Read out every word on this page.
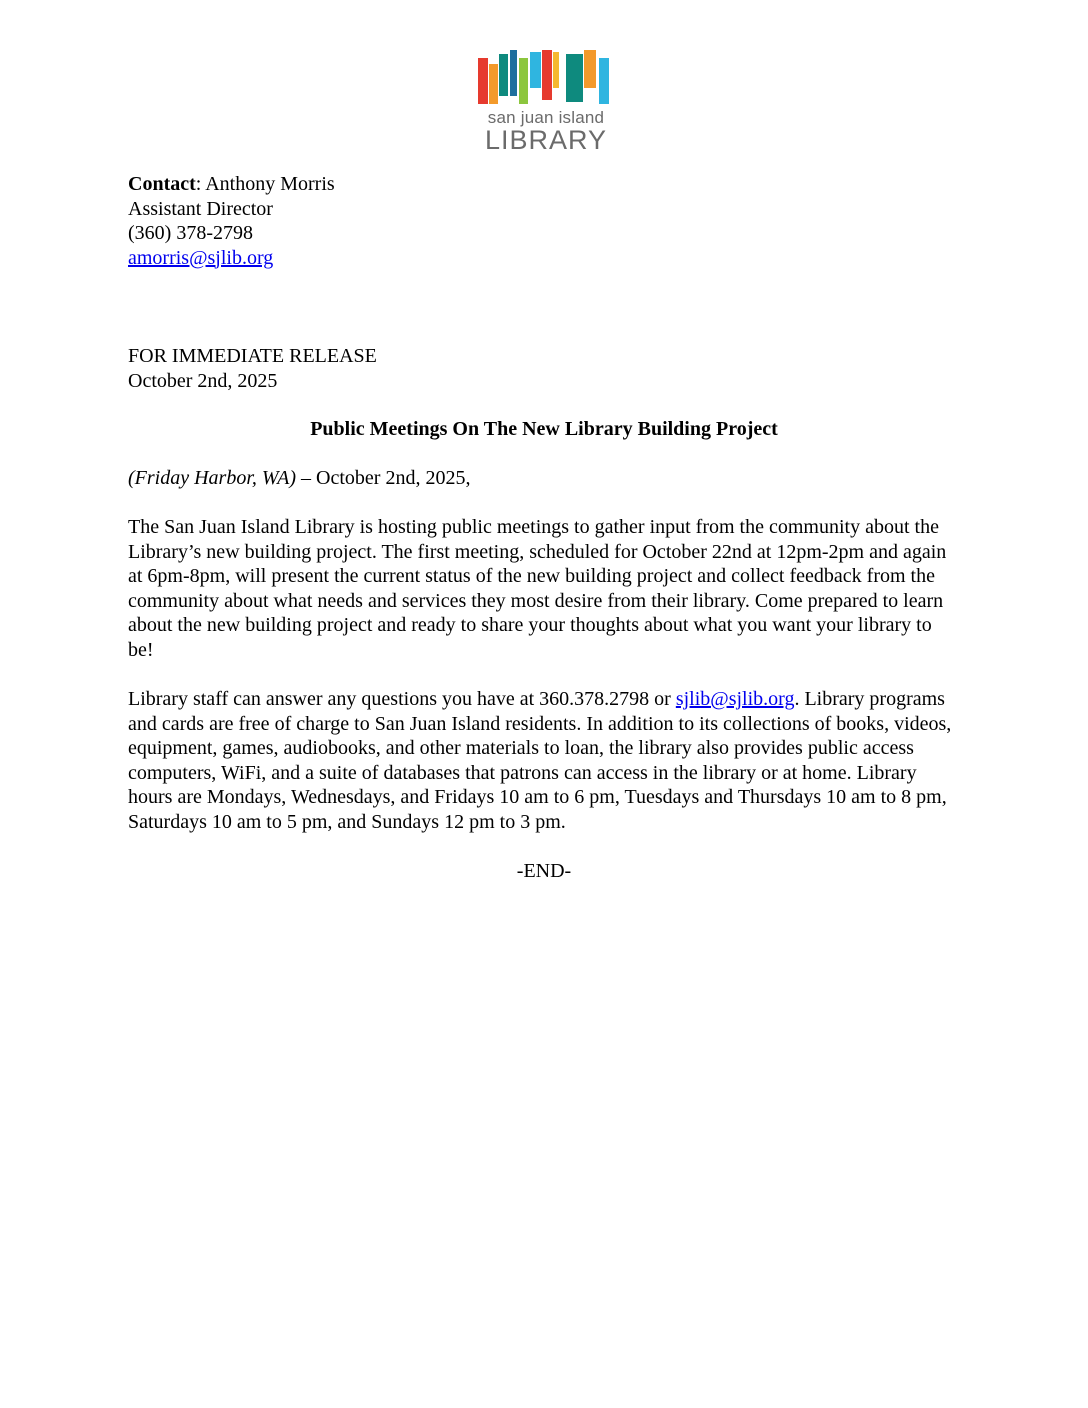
san juan island
LIBRARY
Contact: Anthony Morris
Assistant Director
(360) 378-2798
amorris@sjlib.org
FOR IMMEDIATE RELEASE
October 2nd, 2025
Public Meetings On The New Library Building Project
(Friday Harbor, WA) – October 2nd, 2025,
The San Juan Island Library is hosting public meetings to gather input from the community about the Library’s new building project. The first meeting, scheduled for October 22nd at 12pm-2pm and again at 6pm-8pm, will present the current status of the new building project and collect feedback from the community about what needs and services they most desire from their library. Come prepared to learn about the new building project and ready to share your thoughts about what you want your library to be!
Library staff can answer any questions you have at 360.378.2798 or sjlib@sjlib.org. Library programs and cards are free of charge to San Juan Island residents. In addition to its collections of books, videos, equipment, games, audiobooks, and other materials to loan, the library also provides public access computers, WiFi, and a suite of databases that patrons can access in the library or at home. Library hours are Mondays, Wednesdays, and Fridays 10 am to 6 pm, Tuesdays and Thursdays 10 am to 8 pm, Saturdays 10 am to 5 pm, and Sundays 12 pm to 3 pm.
-END-
